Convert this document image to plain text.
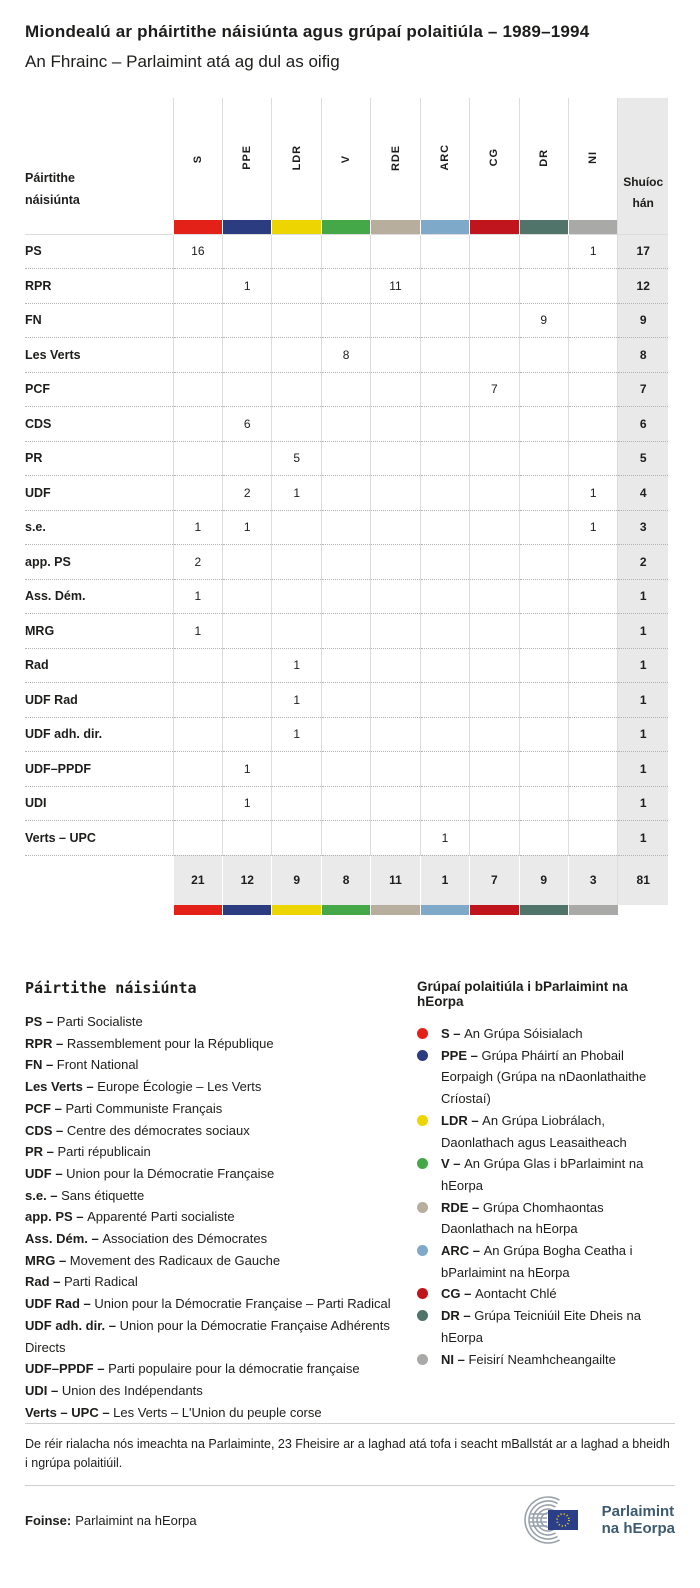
Miondealú ar pháirtithe náisiúnta agus grúpaí polaitiúla – 1989–1994
An Fhrainc – Parlaimint atá ag dul as oifig
Páirtithe náisiúnta	S	PPE	LDR	V	RDE	ARC	CG	DR	NI	Shuíochán

PS	16								1	17
RPR		1			11					12
FN								9		9
Les Verts				8						8
PCF							7			7
CDS		6								6
PR			5							5
UDF		2	1						1	4
s.e.	1	1							1	3
app. PS	2									2
Ass. Dém.	1									1
MRG	1									1
Rad			1							1
UDF Rad			1							1
UDF adh. dir.			1							1
UDF–PPDF		1								1
UDI		1								1
Verts – UPC						1				1
	21	12	9	8	11	1	7	9	3	81

Páirtithe náisiúnta
PS – Parti Socialiste
RPR – Rassemblement pour la République
FN – Front National
Les Verts – Europe Écologie – Les Verts
PCF – Parti Communiste Français
CDS – Centre des démocrates sociaux
PR – Parti républicain
UDF – Union pour la Démocratie Française
s.e. – Sans étiquette
app. PS – Apparenté Parti socialiste
Ass. Dém. – Association des Démocrates
MRG – Movement des Radicaux de Gauche
Rad – Parti Radical
UDF Rad – Union pour la Démocratie Française – Parti Radical
UDF adh. dir. – Union pour la Démocratie Française Adhérents Directs
UDF–PPDF – Parti populaire pour la démocratie française
UDI – Union des Indépendants
Verts – UPC – Les Verts – L'Union du peuple corse
Grúpaí polaitiúla i bParlaimint na hEorpa
S – An Grúpa Sóisialach
PPE – Grúpa Pháirtí an Phobail Eorpaigh (Grúpa na nDaonlathaithe Críostaí)
LDR – An Grúpa Liobrálach, Daonlathach agus Leasaitheach
V – An Grúpa Glas i bParlaimint na hEorpa
RDE – Grúpa Chomhaontas Daonlathach na hEorpa
ARC – An Grúpa Bogha Ceatha i bParlaimint na hEorpa
CG – Aontacht Chlé
DR – Grúpa Teicniúil Eite Dheis na hEorpa
NI – Feisirí Neamhcheangailte

De réir rialacha nós imeachta na Parlaiminte, 23 Fheisire ar a laghad atá tofa i seacht mBallstát ar a laghad a bheidh i ngrúpa polaitiúil.

Foinse: Parlaimint na hEorpa	Parlaimint
na hEorpa
